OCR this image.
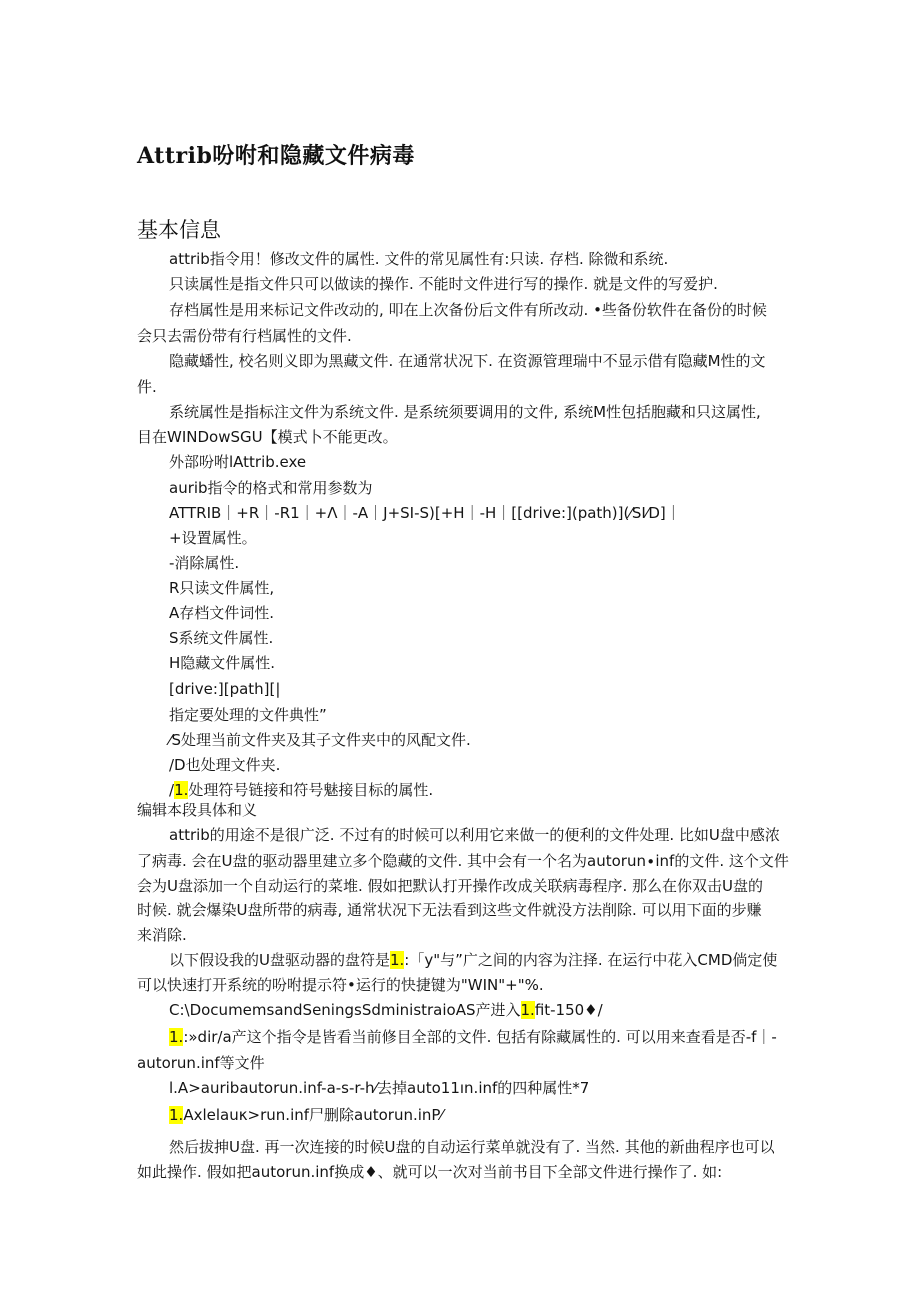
Attrib吩咐和隐藏文件病毒
基本信息
attrib指令用！修改文件的属性. 文件的常见属性有:只读. 存档. 除微和系统.
只读属性是指文件只可以做读的操作. 不能时文件进行写的操作. 就是文件的写爱护.
存档属性是用来标记文件改动的, 叩在上次备份后文件有所改动. •些备份软件在备份的时候
会只去需份带有行档属性的文件.
隐藏蟠性, 校名则义即为黑藏文件. 在通常状况下. 在资源管理瑞中不显示借有隐藏M性的文
件.
系统属性是指标注文件为系统文件. 是系统须要调用的文件, 系统M性包括胞藏和只这属性,
目在WINDowSGU【模式卜不能更改。
外部吩咐lAttrib.exe
aurib指令的格式和常用参数为
ATTRIB｜+R｜-R1｜+Λ｜-A｜J+SI-S)[+H｜-H｜[[drive:](path)](⁄SI⁄D]｜
+设置属性。
-消除属性.
R只读文件属性,
A存档文件词性.
S系统文件属性.
H隐藏文件属性.
[drive:][path][|
指定要处理的文件典性”
⁄S处理当前文件夹及其子文件夹中的风配文件.
/D也处理文件夹.
/1.处理符号链接和符号魅接目标的属性.
编辑本段具体和义
attrib的用途不是很广泛. 不过有的时候可以利用它来做一的便利的文件处理. 比如U盘中感浓
了病毒. 会在U盘的驱动器里建立多个隐藏的文件. 其中会有一个名为autorun∙inf的文件. 这个文件
会为U盘添加一个自动运行的菜堆. 假如把默认打开操作改成关联病毒程序. 那么在你双击U盘的
时候. 就会爆染U盘所带的病毒, 通常状况下无法看到这些文件就没方法削除. 可以用下面的步赚
来消除.
以下假设我的U盘驱动器的盘符是1.:「y"与”广之间的内容为注择. 在运行中花入CMD倘定使
可以快速打开系统的吩咐提示符•运行的快捷键为"WIN"+"%.
C:\DocumemsandSeningsSdministraioAS产进入1.fit-150♦/
1.:»dir/a产这个指令是皆看当前修目全部的文件. 包括有除藏属性的. 可以用来查看是否-f｜-
autorun.inf等文件
l.A>auribautorun.inf-a-s-r-h⁄去掉auto11ın.inf的四种属性*7
1.Axlelauκ>run.inf尸删除autorun.inP⁄
然后拔抻U盘. 再一次连接的时候U盘的自动运行菜单就没有了. 当然. 其他的新曲程序也可以
如此操作. 假如把autorun.inf换成♦、就可以一次对当前书目下全部文件进行操作了. 如:
